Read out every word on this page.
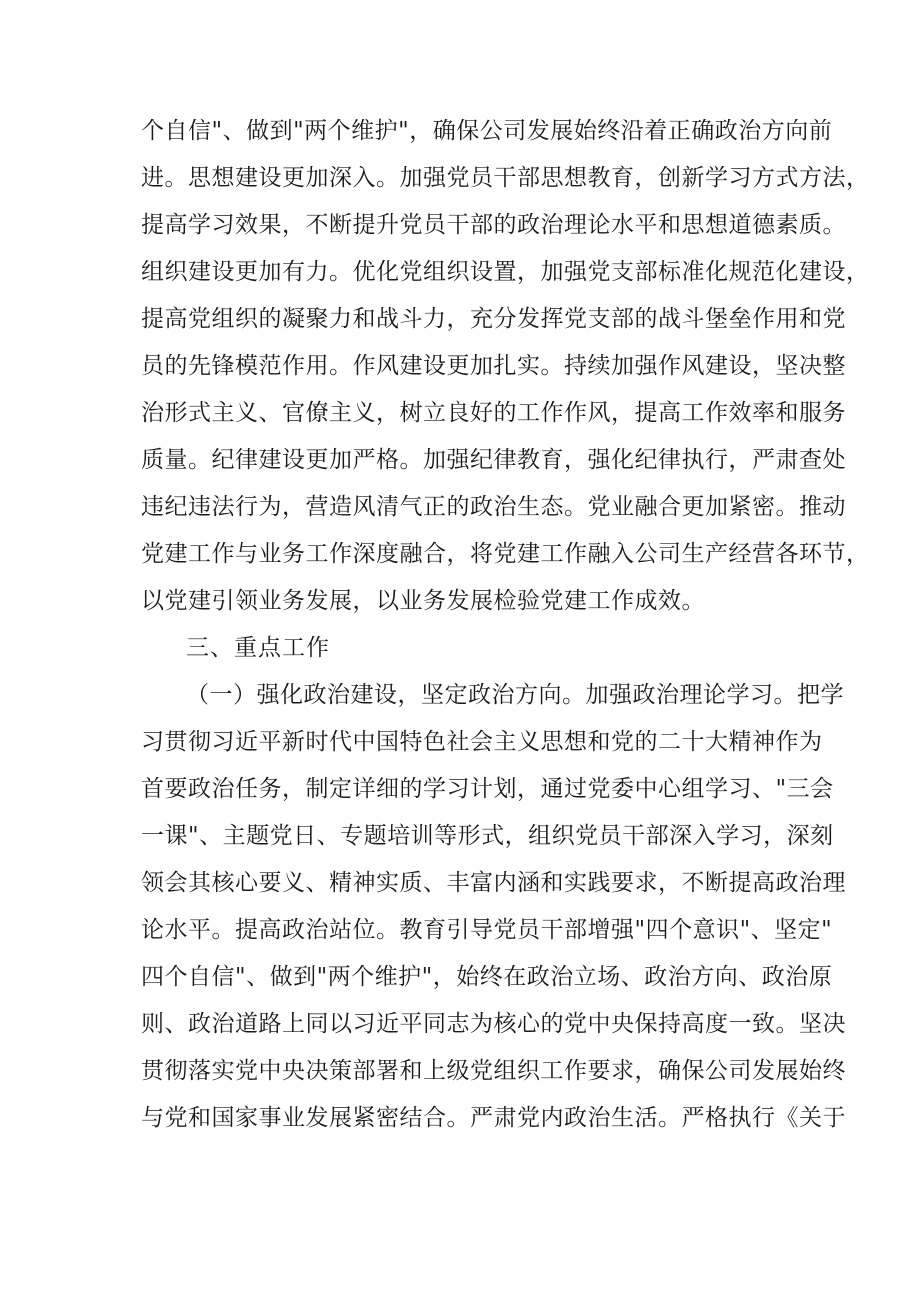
个自信"、做到"两个维护"，确保公司发展始终沿着正确政治方向前
进。思想建设更加深入。加强党员干部思想教育，创新学习方式方法，
提高学习效果，不断提升党员干部的政治理论水平和思想道德素质。
组织建设更加有力。优化党组织设置，加强党支部标准化规范化建设，
提高党组织的凝聚力和战斗力，充分发挥党支部的战斗堡垒作用和党
员的先锋模范作用。作风建设更加扎实。持续加强作风建设，坚决整
治形式主义、官僚主义，树立良好的工作作风，提高工作效率和服务
质量。纪律建设更加严格。加强纪律教育，强化纪律执行，严肃查处
违纪违法行为，营造风清气正的政治生态。党业融合更加紧密。推动
党建工作与业务工作深度融合，将党建工作融入公司生产经营各环节，
以党建引领业务发展，以业务发展检验党建工作成效。
三、重点工作
（一）强化政治建设，坚定政治方向。加强政治理论学习。把学
习贯彻习近平新时代中国特色社会主义思想和党的二十大精神作为
首要政治任务，制定详细的学习计划，通过党委中心组学习、"三会
一课"、主题党日、专题培训等形式，组织党员干部深入学习，深刻
领会其核心要义、精神实质、丰富内涵和实践要求，不断提高政治理
论水平。提高政治站位。教育引导党员干部增强"四个意识"、坚定"
四个自信"、做到"两个维护"，始终在政治立场、政治方向、政治原
则、政治道路上同以习近平同志为核心的党中央保持高度一致。坚决
贯彻落实党中央决策部署和上级党组织工作要求，确保公司发展始终
与党和国家事业发展紧密结合。严肃党内政治生活。严格执行《关于
